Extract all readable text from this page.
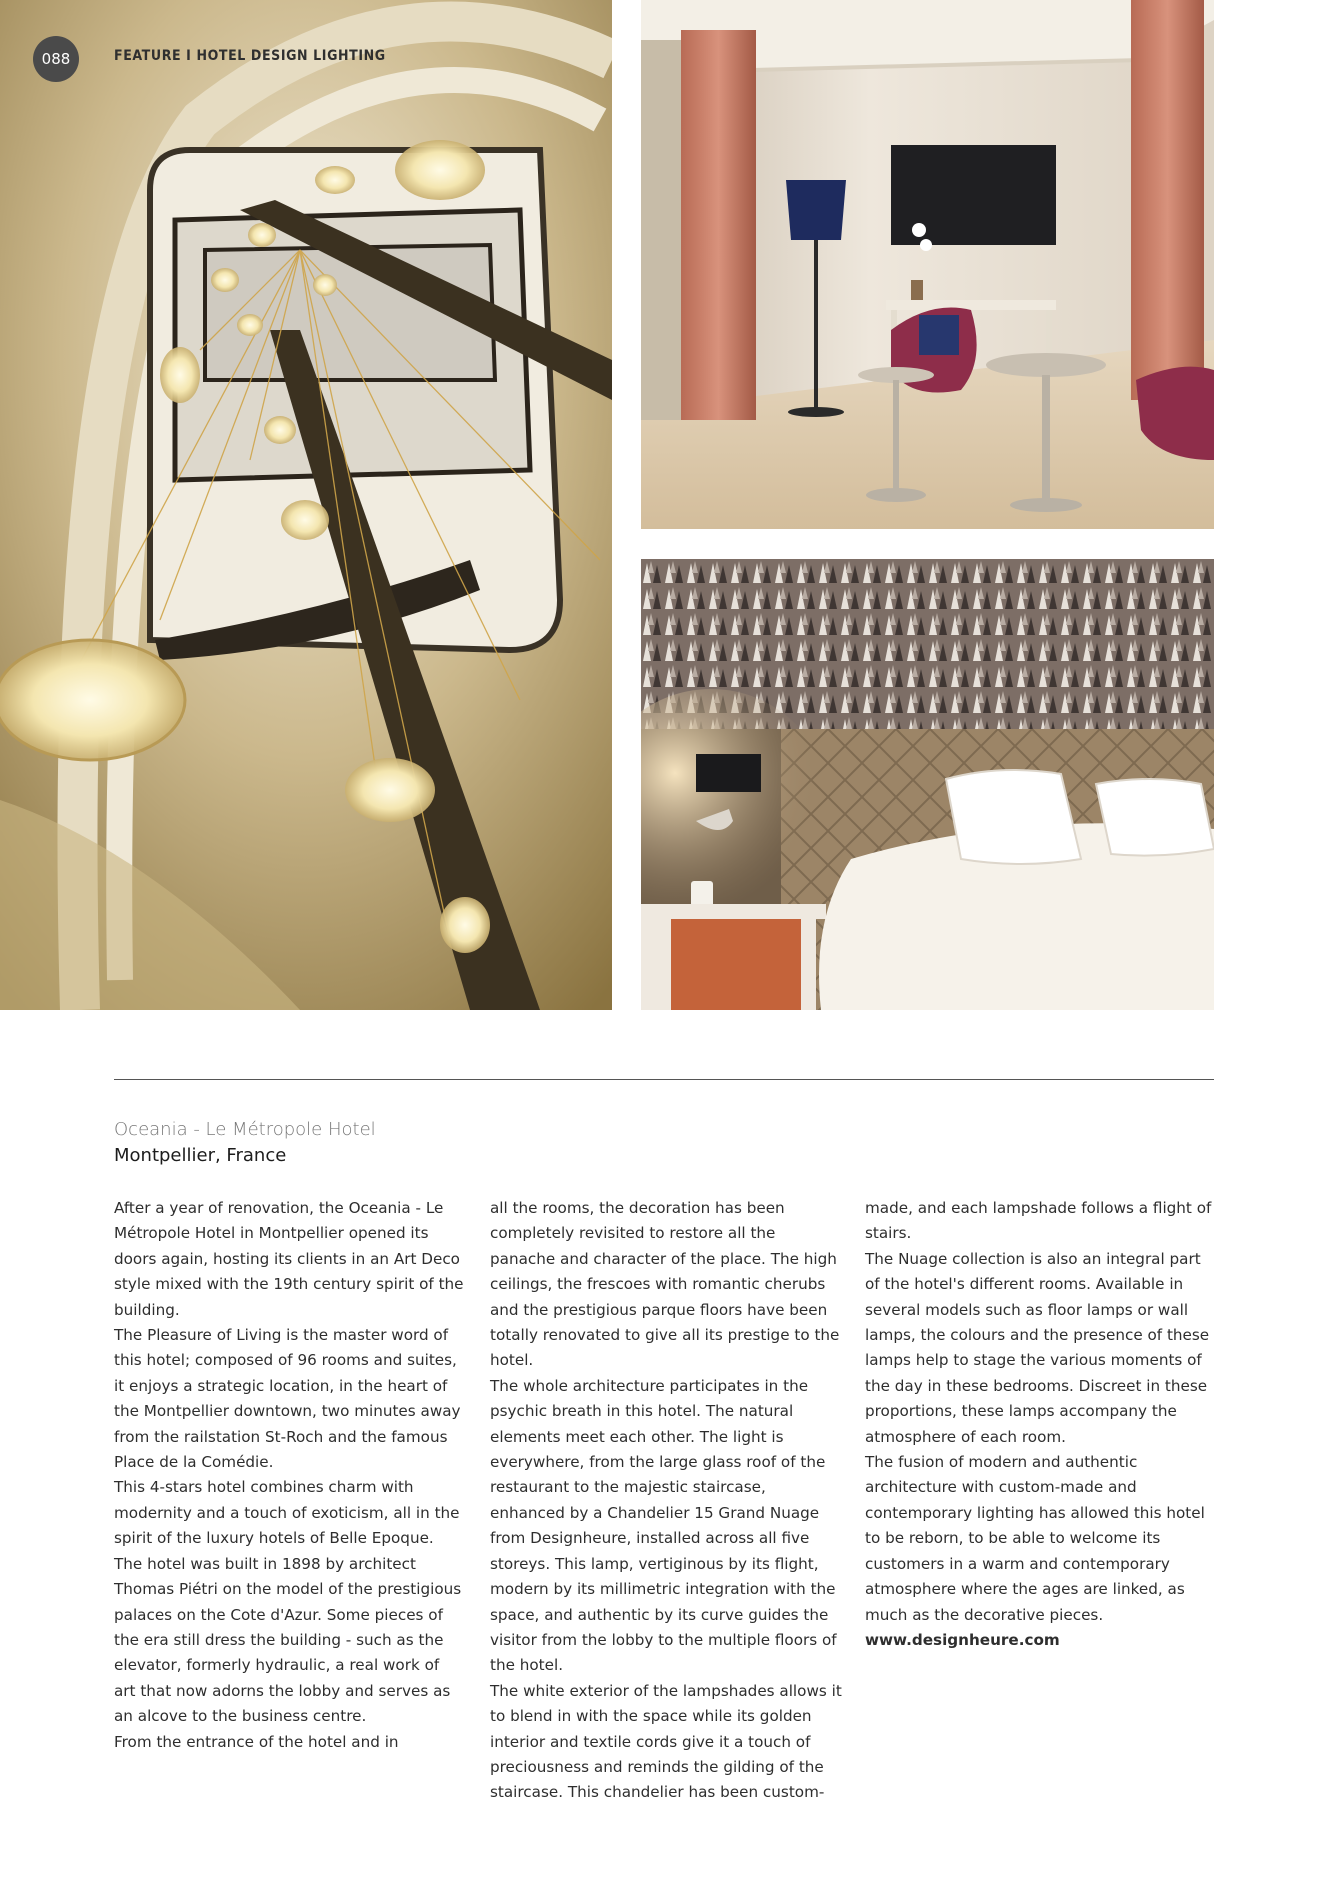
088	FEATURE I HOTEL DESIGN LIGHTING
Oceania - Le Métropole Hotel
Montpellier, France

After a year of renovation, the Oceania - Le Métropole Hotel in Montpellier opened its doors again, hosting its clients in an Art Deco style mixed with the 19th century spirit of the building.

The Pleasure of Living is the master word of this hotel; composed of 96 rooms and suites, it enjoys a strategic location, in the heart of the Montpellier downtown, two minutes away from the railstation St-Roch and the famous Place de la Comédie.

This 4-stars hotel combines charm with modernity and a touch of exoticism, all in the spirit of the luxury hotels of Belle Epoque.

The hotel was built in 1898 by architect Thomas Piétri on the model of the prestigious palaces on the Cote d'Azur. Some pieces of the era still dress the building - such as the elevator, formerly hydraulic, a real work of art that now adorns the lobby and serves as an alcove to the business centre.

From the entrance of the hotel and in

all the rooms, the decoration has been completely revisited to restore all the panache and character of the place. The high ceilings, the frescoes with romantic cherubs and the prestigious parque floors have been totally renovated to give all its prestige to the hotel.

The whole architecture participates in the psychic breath in this hotel. The natural elements meet each other. The light is everywhere, from the large glass roof of the restaurant to the majestic staircase, enhanced by a Chandelier 15 Grand Nuage from Designheure, installed across all five storeys. This lamp, vertiginous by its flight, modern by its millimetric integration with the space, and authentic by its curve guides the visitor from the lobby to the multiple floors of the hotel.

The white exterior of the lampshades allows it to blend in with the space while its golden interior and textile cords give it a touch of preciousness and reminds the gilding of the staircase. This chandelier has been custom-

made, and each lampshade follows a flight of stairs.

The Nuage collection is also an integral part of the hotel's different rooms. Available in several models such as floor lamps or wall lamps, the colours and the presence of these lamps help to stage the various moments of the day in these bedrooms. Discreet in these proportions, these lamps accompany the atmosphere of each room.

The fusion of modern and authentic architecture with custom-made and contemporary lighting has allowed this hotel to be reborn, to be able to welcome its customers in a warm and contemporary atmosphere where the ages are linked, as much as the decorative pieces.

www.designheure.com
